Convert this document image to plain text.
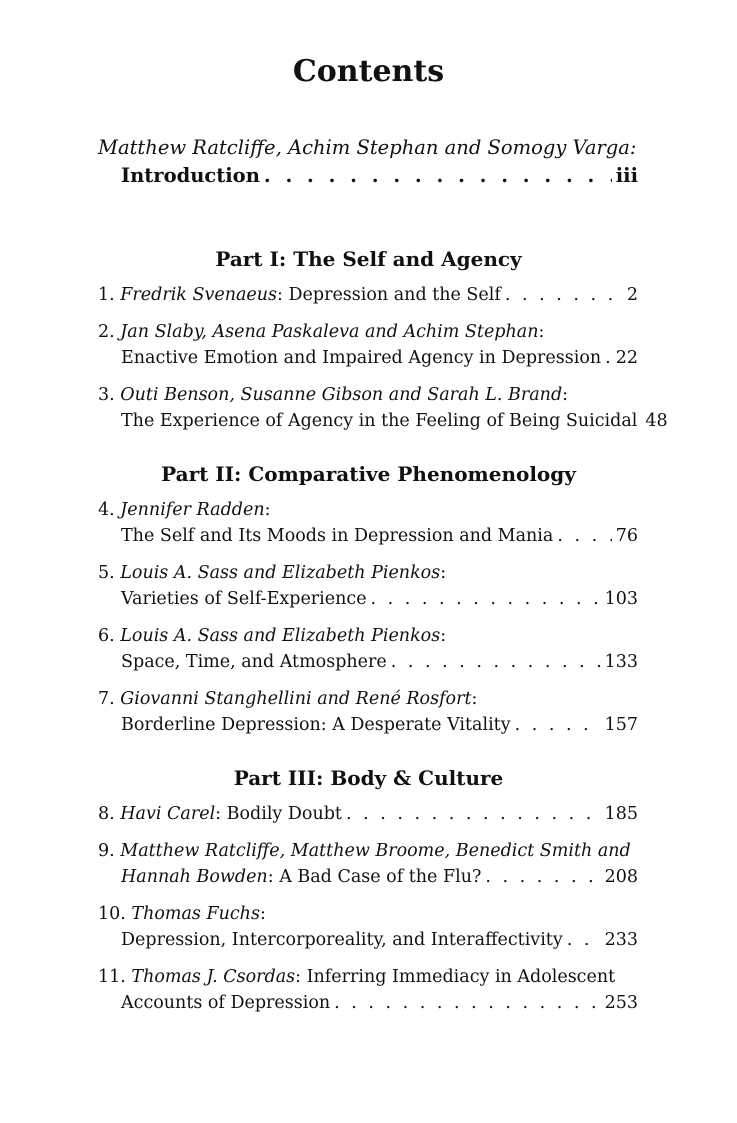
Contents
Matthew Ratcliffe, Achim Stephan and Somogy Varga:
Introduction . . .	iii
Part I: The Self and Agency
1.
Fredrik Svenaeus : Depression and the Self . . .	2
2.
Jan Slaby, Asena Paskaleva and Achim Stephan :
Enactive Emotion and Impaired Agency in Depression . . . 22
3.
Outi Benson, Susanne Gibson and Sarah L. Brand :
The Experience of Agency in the Feeling of Being Suicidal 48
Part II: Comparative Phenomenology
4.
Jennifer Radden :
The Self and Its Moods in Depression and Mania . . .	76
5.
Louis A. Sass and Elizabeth Pienkos :
Varieties of Self-Experience . . .	103
6.
Louis A. Sass and Elizabeth Pienkos :
Space, Time, and Atmosphere . . .	133
7.
Giovanni Stanghellini and René Rosfort :
Borderline Depression: A Desperate Vitality . . .	157
Part III: Body & Culture
8.
Havi Carel : Bodily Doubt . . .	185
9.
Matthew Ratcliffe, Matthew Broome, Benedict Smith and
Hannah Bowden : A Bad Case of the Flu? . . .	208
10.
Thomas Fuchs :
Depression, Intercorporeality, and Interaffectivity . . . 233
11.
Thomas J. Csordas : Inferring Immediacy in Adolescent
Accounts of Depression . . .	253
